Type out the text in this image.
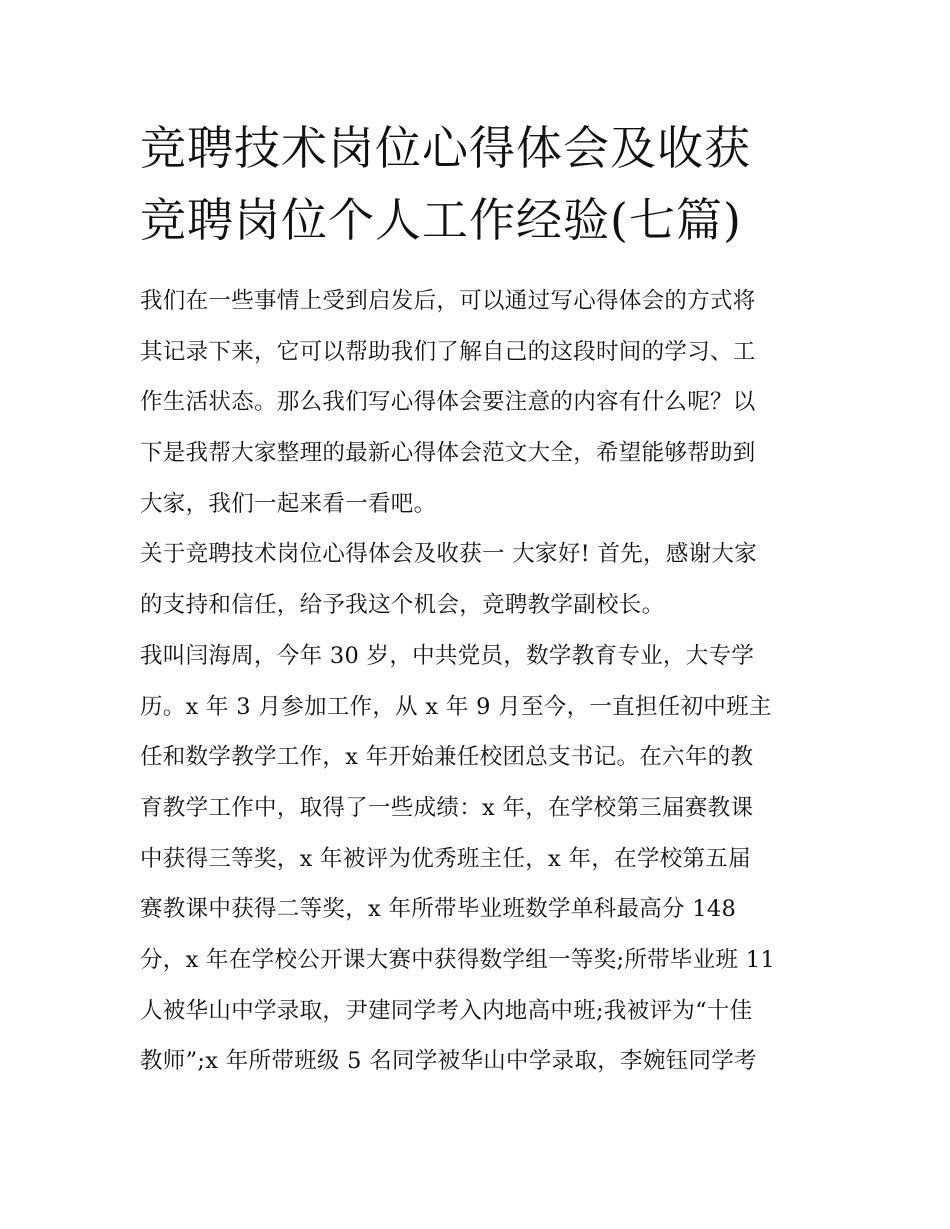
竞聘技术岗位心得体会及收获
竞聘岗位个人工作经验(七篇)
我们在一些事情上受到启发后，可以通过写心得体会的方式将
其记录下来，它可以帮助我们了解自己的这段时间的学习、工
作生活状态。那么我们写心得体会要注意的内容有什么呢？以
下是我帮大家整理的最新心得体会范文大全，希望能够帮助到
大家，我们一起来看一看吧。
关于竞聘技术岗位心得体会及收获一 大家好! 首先，感谢大家
的支持和信任，给予我这个机会，竞聘教学副校长。
我叫闫海周，今年 30 岁，中共党员，数学教育专业，大专学
历。x 年 3 月参加工作，从 x 年 9 月至今，一直担任初中班主
任和数学教学工作，x 年开始兼任校团总支书记。在六年的教
育教学工作中，取得了一些成绩：x 年，在学校第三届赛教课
中获得三等奖，x 年被评为优秀班主任，x 年，在学校第五届
赛教课中获得二等奖，x 年所带毕业班数学单科最高分 148
分，x 年在学校公开课大赛中获得数学组一等奖;所带毕业班 11
人被华山中学录取，尹建同学考入内地高中班;我被评为“十佳
教师”;x 年所带班级 5 名同学被华山中学录取，李婉钰同学考
